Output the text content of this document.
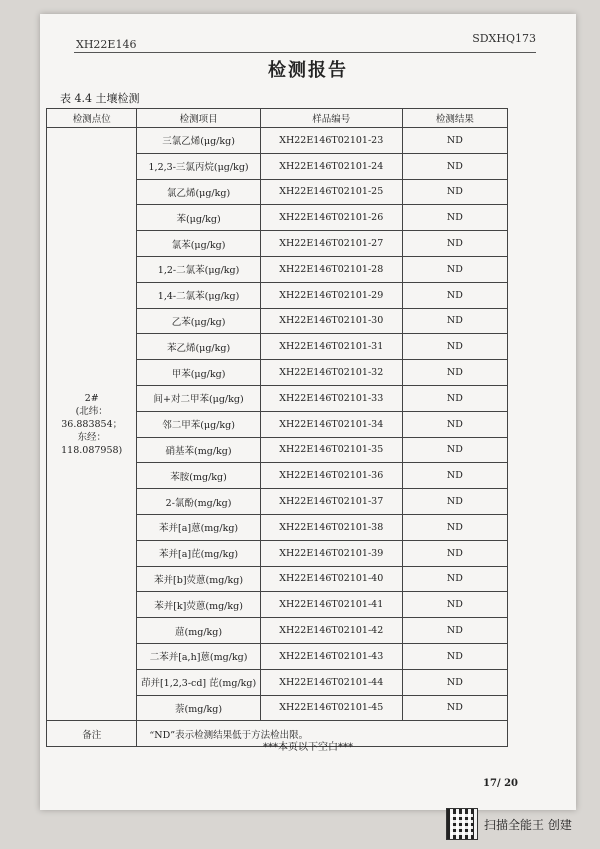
XH22E146	SDXHQ173
检测报告
表 4.4 土壤检测
检测点位	检测项目	样品编号	检测结果

2#
(北纬：36.883854；
东经：118.087958)	三氯乙烯(μg/kg)	XH22E146T02101-23	ND
	1,2,3-三氯丙烷(μg/kg)	XH22E146T02101-24	ND
	氯乙烯(μg/kg)	XH22E146T02101-25	ND
	苯(μg/kg)	XH22E146T02101-26	ND
	氯苯(μg/kg)	XH22E146T02101-27	ND
	1,2-二氯苯(μg/kg)	XH22E146T02101-28	ND
	1,4-二氯苯(μg/kg)	XH22E146T02101-29	ND
	乙苯(μg/kg)	XH22E146T02101-30	ND
	苯乙烯(μg/kg)	XH22E146T02101-31	ND
	甲苯(μg/kg)	XH22E146T02101-32	ND
	间+对二甲苯(μg/kg)	XH22E146T02101-33	ND
	邻二甲苯(μg/kg)	XH22E146T02101-34	ND
	硝基苯(mg/kg)	XH22E146T02101-35	ND
	苯胺(mg/kg)	XH22E146T02101-36	ND
	2-氯酚(mg/kg)	XH22E146T02101-37	ND
	苯并[a]蒽(mg/kg)	XH22E146T02101-38	ND
	苯并[a]芘(mg/kg)	XH22E146T02101-39	ND
	苯并[b]荧蒽(mg/kg)	XH22E146T02101-40	ND
	苯并[k]荧蒽(mg/kg)	XH22E146T02101-41	ND
	䓛(mg/kg)	XH22E146T02101-42	ND
	二苯并[a,h]蒽(mg/kg)	XH22E146T02101-43	ND
	茚并[1,2,3-cd] 芘(mg/kg)	XH22E146T02101-44	ND
	萘(mg/kg)	XH22E146T02101-45	ND
备注	“ND”表示检测结果低于方法检出限。		
***本页以下空白***
17/ 20
扫描全能王 创建
